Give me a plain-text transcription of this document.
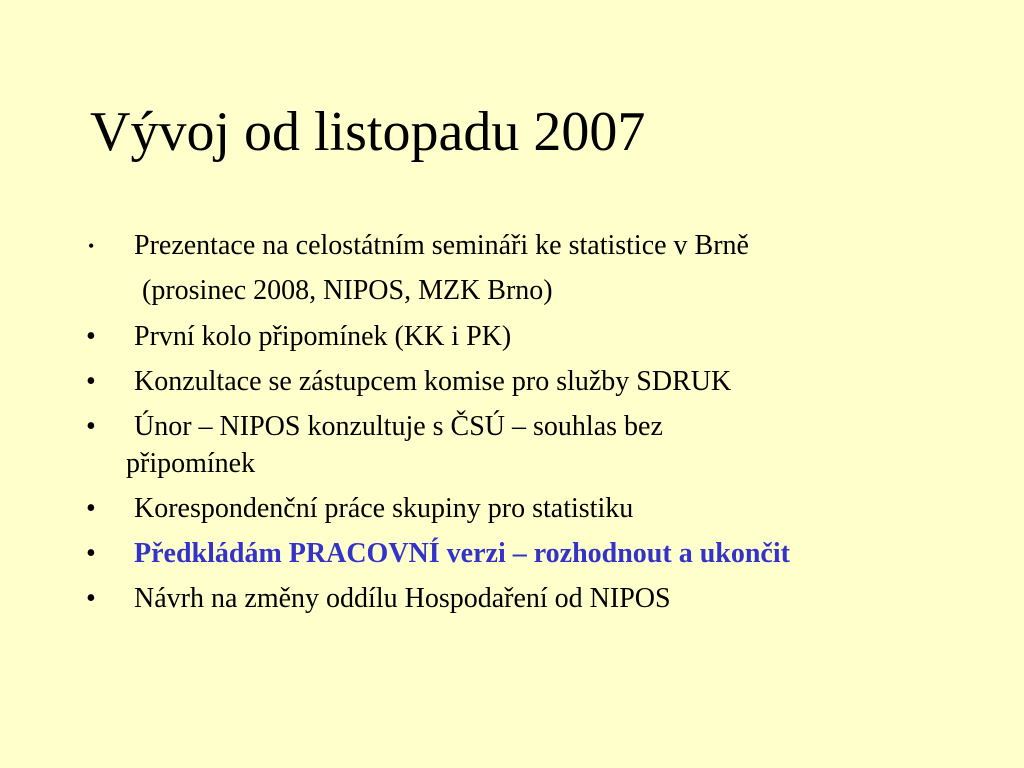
Vývoj od listopadu 2007
• Prezentace na celostátním semináři ke statistice v Brně
(prosinec 2008, NIPOS, MZK Brno)
• První kolo připomínek (KK i PK)
• Konzultace se zástupcem komise pro služby SDRUK
• Únor – NIPOS konzultuje s ČSÚ – souhlas bez
připomínek
• Korespondenční práce skupiny pro statistiku
• Předkládám PRACOVNÍ verzi – rozhodnout a ukončit
• Návrh na změny oddílu Hospodaření od NIPOS
